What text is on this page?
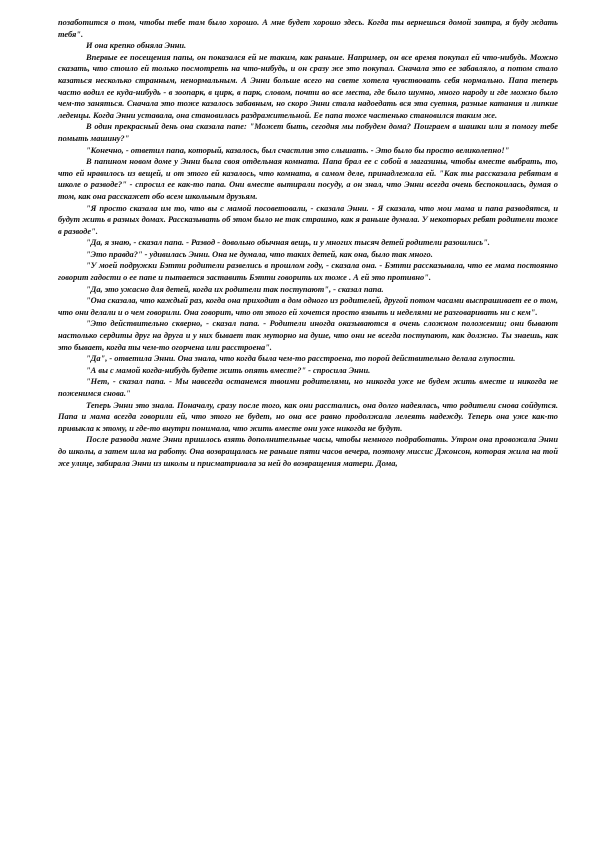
позаботится о том, чтобы тебе там было хорошо. А мне будет хорошо здесь. Когда ты вернешься домой завтра, я буду ждать тебя".

И она крепко обняла Энни.

Впервые ее посещения папы, он показался ей не таким, как раньше. Например, он все время покупал ей что-нибудь. Можно сказать, что стоило ей только посмотреть на что-нибудь, и он сразу же это покупал. Сначала это ее забавляло, а потом стало казаться несколько странным, ненормальным. А Энни больше всего на свете хотела чувствовать себя нормально. Папа теперь часто водил ее куда-нибудь - в зоопарк, в цирк, в парк, словом, почти во все места, где было шумно, много народу и где можно было чем-то заняться. Сначала это тоже казалось забавным, но скоро Энни стала надоедать вся эта суетня, разные катания и липкие леденцы. Когда Энни уставала, она становилась раздражительной. Ее папа тоже частенько становился таким же.

В один прекрасный день она сказала папе: "Может быть, сегодня мы побудем дома? Поиграем в шашки или я помогу тебе помыть машину?"

"Конечно, - ответил папа, который, казалось, был счастлив это слышать. - Это было бы просто великолепно!"

В папином новом доме у Энни была своя отдельная комната. Папа брал ее с собой в магазины, чтобы вместе выбрать, то, что ей нравилось из вещей, и от этого ей казалось, что комната, в самом деле, принадлежала ей. "Как ты рассказала ребятам в школе о разводе?" - спросил ее как-то папа. Они вместе вытирали посуду, а он знал, что Энни всегда очень беспокоилась, думая о том, как она расскажет обо всем школьным друзьям.

"Я просто сказала им то, что вы с мамой посоветовали, - сказала Энни. - Я сказала, что мои мама и папа разводятся, и будут жить в разных домах. Рассказывать об этом было не так страшно, как я раньше думала. У некоторых ребят родители тоже в разводе".

"Да, я знаю, - сказал папа. - Развод - довольно обычная вещь, и у многих тысяч детей родители разошлись".

"Это правда?" - удивилась Энни. Она не думала, что таких детей, как она, было так много.

"У моей подружки Бэтти родители развелись в прошлом году, - сказала она. - Бэтти рассказывала, что ее мама постоянно говорит гадости о ее папе и пытается заставить Бэтти говорить их тоже . А ей это противно".

"Да, это ужасно для детей, когда их родители так поступают", - сказал папа.

"Она сказала, что каждый раз, когда она приходит в дом одного из родителей, другой потом часами выспрашивает ее о том, что они делали и о чем говорили. Она говорит, что от этого ей хочется просто взвыть и неделями не разговаривать ни с кем".

"Это действительно скверно, - сказал папа. - Родители иногда оказываются в очень сложном положении; они бывают настолько сердиты друг на друга и у них бывает так муторно на душе, что они не всегда поступают, как должно. Ты знаешь, как это бывает, когда ты чем-то огорчена или расстроена".

"Да", - ответила Энни. Она знала, что когда была чем-то расстроена, то порой действительно делала глупости.

"А вы с мамой когда-нибудь будете жить опять вместе?" - спросила Энни.

"Нет, - сказал папа. - Мы навсегда останемся твоими родителями, но никогда уже не будем жить вместе и никогда не поженимся снова."

Теперь Энни это знала. Поначалу, сразу после того, как они расстались, она долго надеялась, что родители снова сойдутся. Папа и мама всегда говорили ей, что этого не будет, но она все равно продолжала лелеять надежду. Теперь она уже как-то привыкла к этому, и где-то внутри понимала, что жить вместе они уже никогда не будут.

После развода маме Энни пришлось взять дополнительные часы, чтобы немного подработать. Утром она провожала Энни до школы, а затем шла на работу. Она возвращалась не раньше пяти часов вечера, поэтому миссис Джонсон, которая жила на той же улице, забирала Энни из школы и присматривала за ней до возвращения матери. Дома,
